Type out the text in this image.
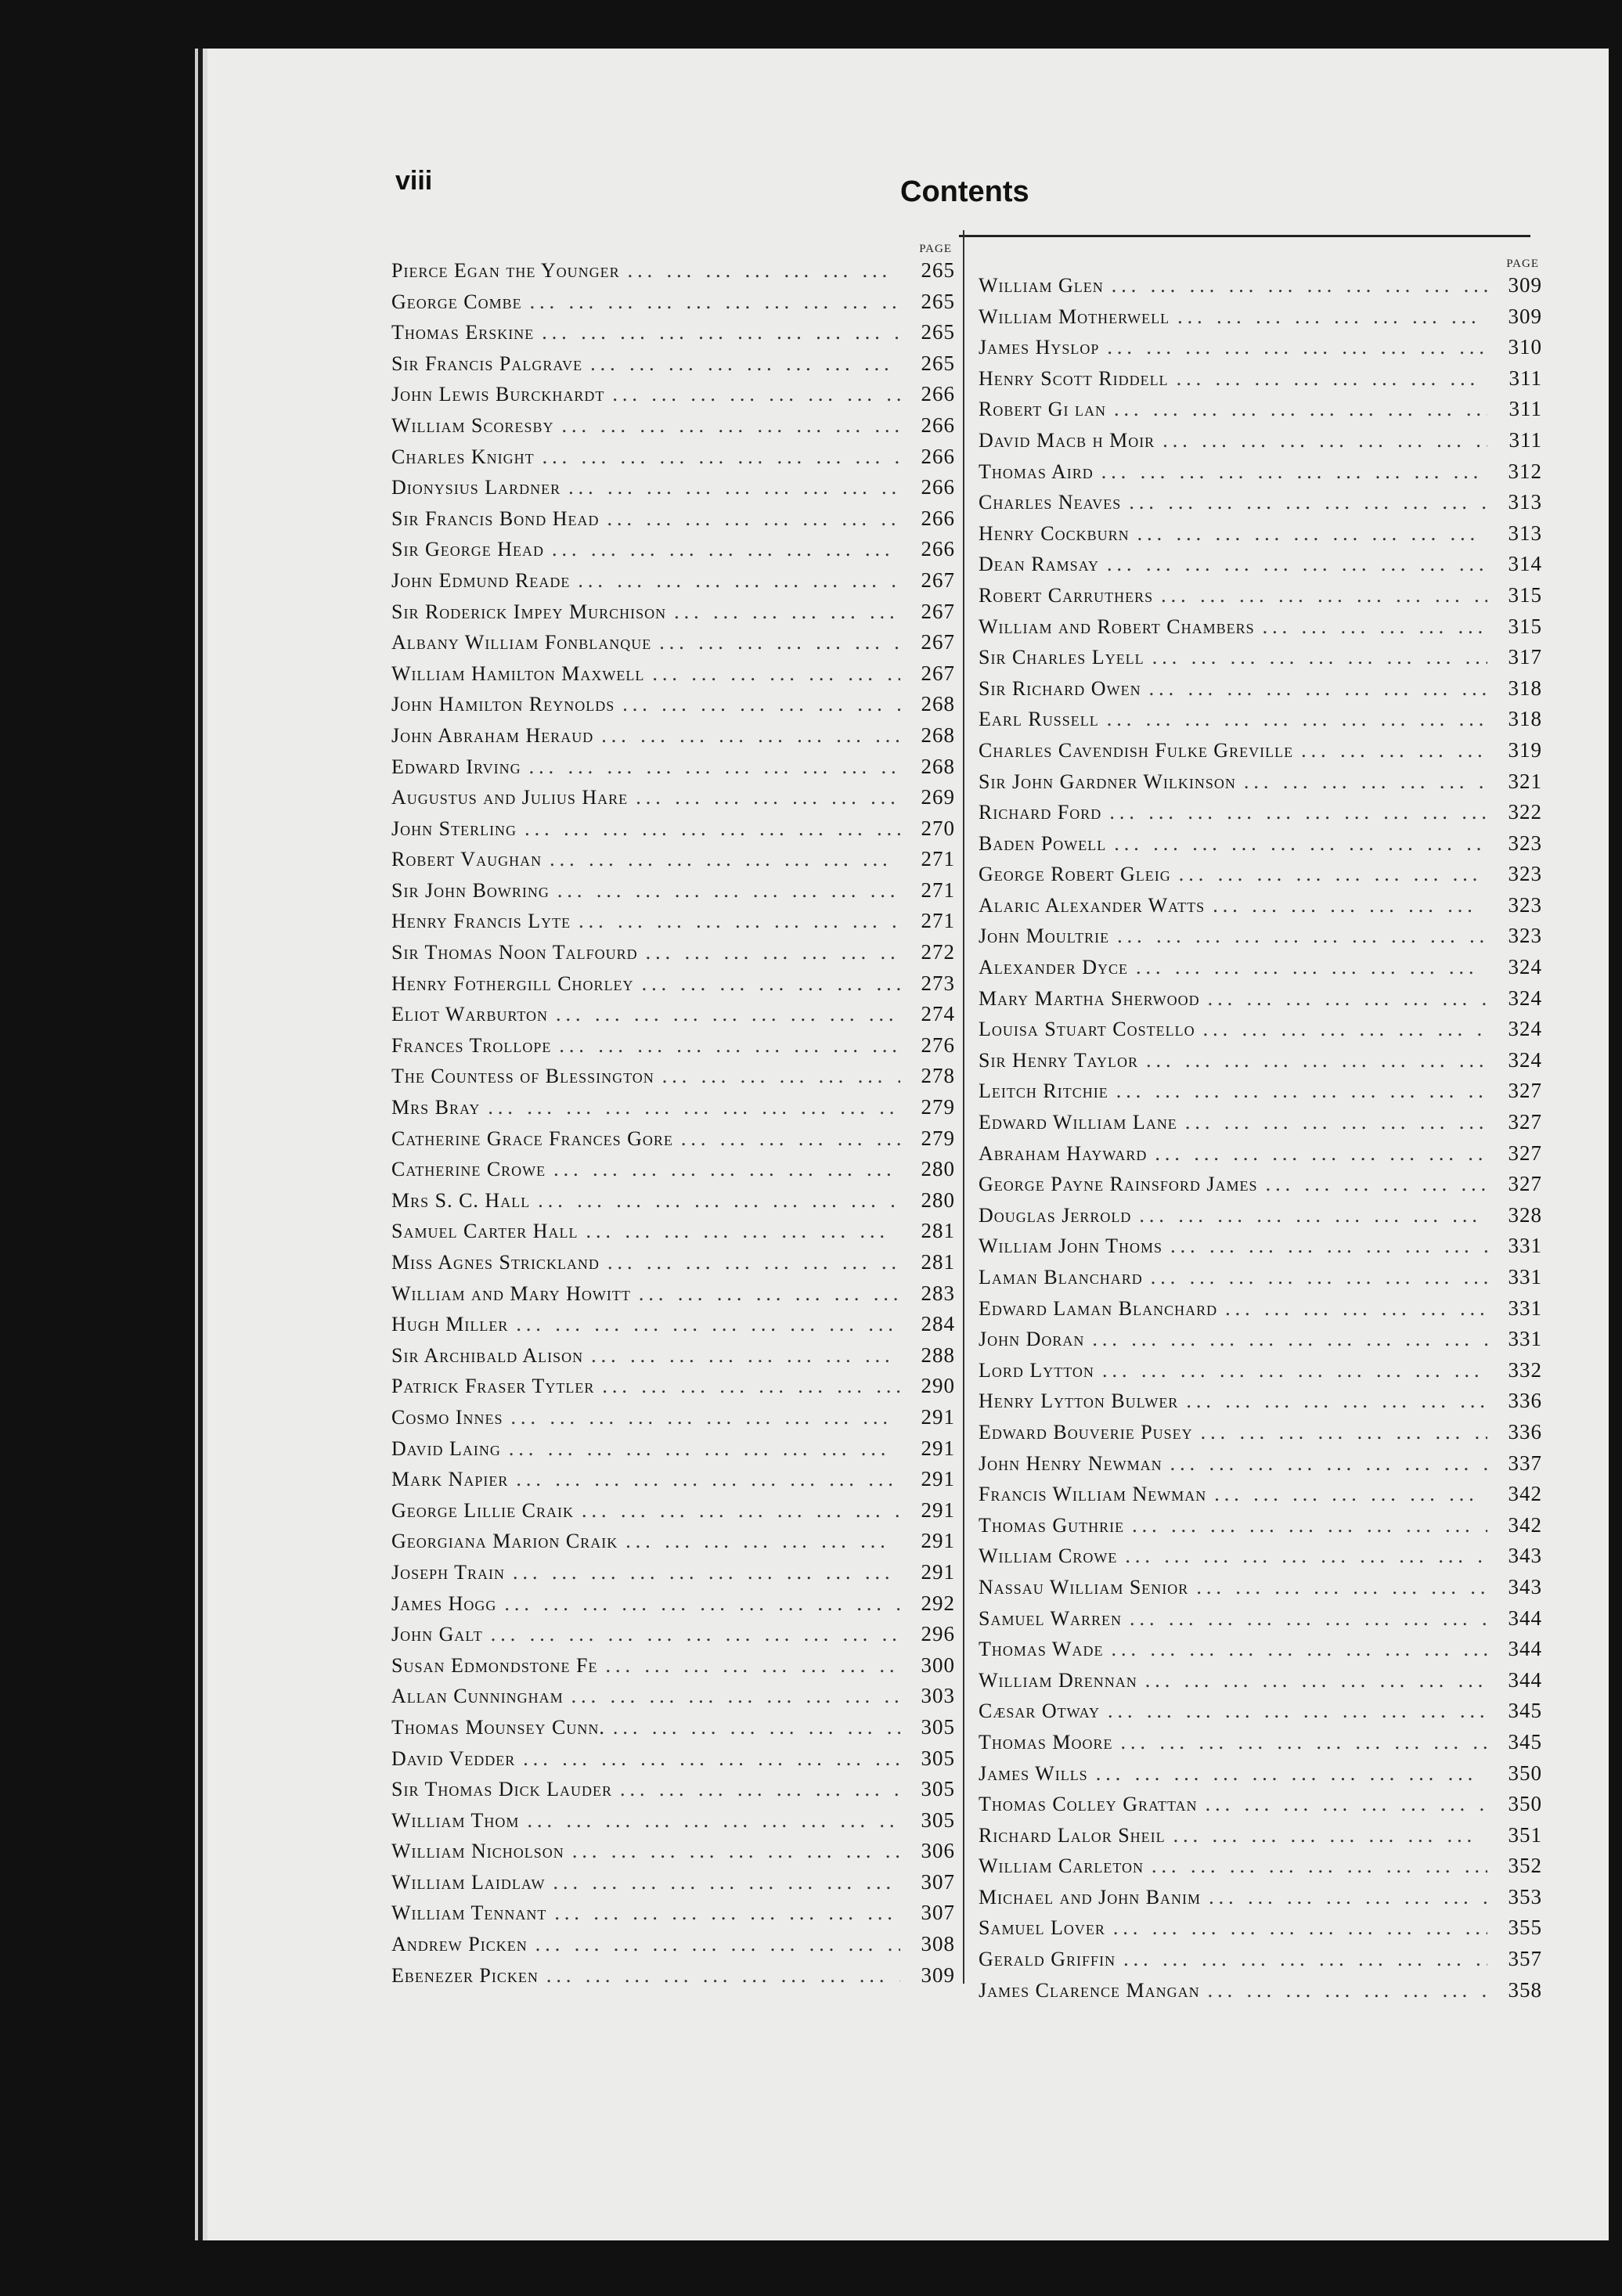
viii	Contents
PAGE
Pierce Egan the Younger ... .	265
George Combe ... .	265
Thomas Erskine ... .	265
Sir Francis Palgrave ... .	265
John Lewis Burckhardt ... .	266
William Scoresby ... .	266
Charles Knight ... .	266
Dionysius Lardner ... .	266
Sir Francis Bond Head ... .	266
Sir George Head ... .	266
John Edmund Reade ... .	267
Sir Roderick Impey Murchison ... .	267
Albany William Fonblanque ... .	267
William Hamilton Maxwell ... .	267
John Hamilton Reynolds ... .	268
John Abraham Heraud ... .	268
Edward Irving ... .	268
Augustus and Julius Hare ... .	269
John Sterling ... .	270
Robert Vaughan ... .	271
Sir John Bowring ... .	271
Henry Francis Lyte ... .	271
Sir Thomas Noon Talfourd ... .	272
Henry Fothergill Chorley ... .	273
Eliot Warburton ... .	274
Frances Trollope ... .	276
The Countess of Blessington ... .	278
Mrs Bray ... .	279
Catherine Grace Frances Gore ... .	279
Catherine Crowe ... .	280
Mrs S. C. Hall ... .	280
Samuel Carter Hall ... .	281
Miss Agnes Strickland ... .	281
William and Mary Howitt ... .	283
Hugh Miller ... .	284
Sir Archibald Alison ... .	288
Patrick Fraser Tytler ... .	290
Cosmo Innes ... .	291
David Laing ... .	291
Mark Napier ... .	291
George Lillie Craik ... .	291
Georgiana Marion Craik ... .	291
Joseph Train ... .	291
James Hogg ... .	292
John Galt ... .	296
Susan Edmondstone Fe ... .	300
Allan Cunningham ... .	303
Thomas Mounsey Cunn. ... .	305
David Vedder ... .	305
Sir Thomas Dick Lauder ... .	305
William Thom ... .	305
William Nicholson ... .	306
William Laidlaw ... .	307
William Tennant ... .	307
Andrew Picken ... .	308
Ebenezer Picken ... .	309
PAGE
William Glen ... .	309
William Motherwell ... .	309
James Hyslop ... .	310
Henry Scott Riddell ... .	311
Robert Gi lan ... .	311
David Macb h Moir ... .	311
Thomas Aird ... .	312
Charles Neaves ... .	313
Henry Cockburn ... .	313
Dean Ramsay ... .	314
Robert Carruthers ... .	315
William and Robert Chambers ... .	315
Sir Charles Lyell ... .	317
Sir Richard Owen ... .	318
Earl Russell ... .	318
Charles Cavendish Fulke Greville ... .	319
Sir John Gardner Wilkinson ... .	321
Richard Ford ... .	322
Baden Powell ... .	323
George Robert Gleig ... .	323
Alaric Alexander Watts ... .	323
John Moultrie ... .	323
Alexander Dyce ... .	324
Mary Martha Sherwood ... .	324
Louisa Stuart Costello ... .	324
Sir Henry Taylor ... .	324
Leitch Ritchie ... .	327
Edward William Lane ... .	327
Abraham Hayward ... .	327
George Payne Rainsford James ... .	327
Douglas Jerrold ... .	328
William John Thoms ... .	331
Laman Blanchard ... .	331
Edward Laman Blanchard ... .	331
John Doran ... .	331
Lord Lytton ... .	332
Henry Lytton Bulwer ... .	336
Edward Bouverie Pusey ... .	336
John Henry Newman ... .	337
Francis William Newman ... .	342
Thomas Guthrie ... .	342
William Crowe ... .	343
Nassau William Senior ... .	343
Samuel Warren ... .	344
Thomas Wade ... .	344
William Drennan ... .	344
Cæsar Otway ... .	345
Thomas Moore ... .	345
James Wills ... .	350
Thomas Colley Grattan ... .	350
Richard Lalor Sheil ... .	351
William Carleton ... .	352
Michael and John Banim ... .	353
Samuel Lover ... .	355
Gerald Griffin ... .	357
James Clarence Mangan ... .	358
